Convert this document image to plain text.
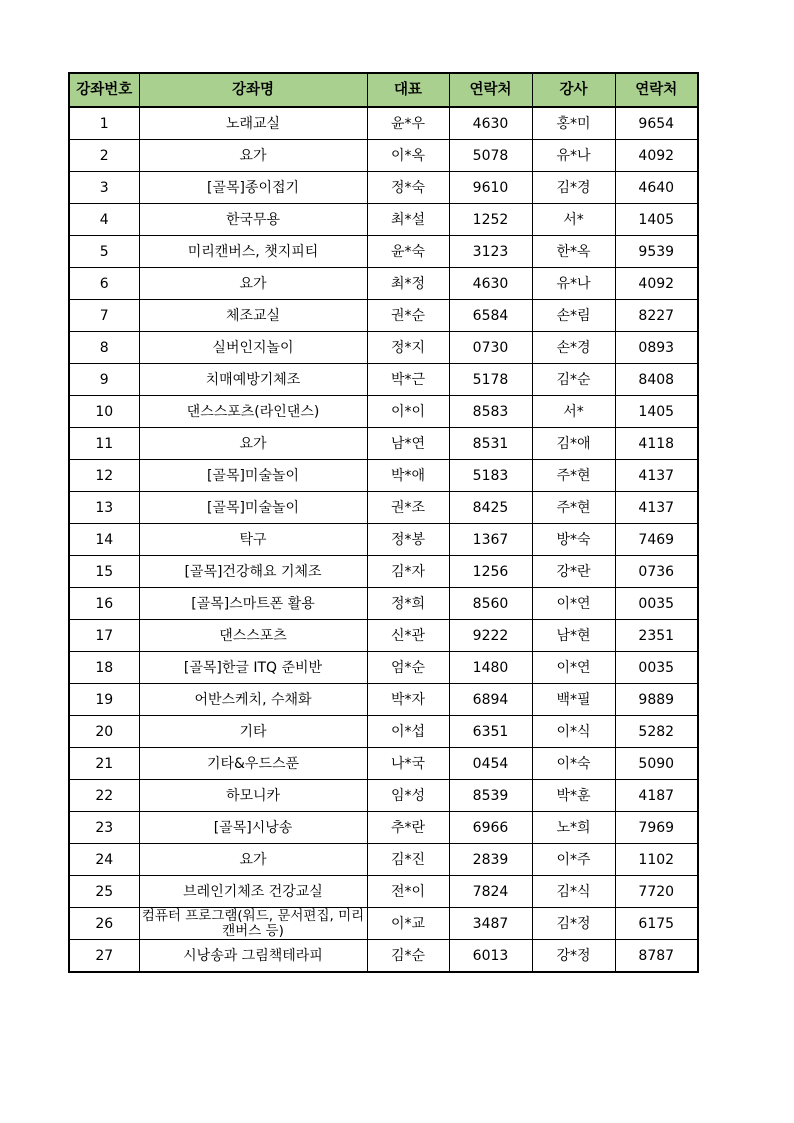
강좌번호	강좌명	대표	연락처	강사	연락처
1	노래교실	윤*우	4630	홍*미	9654
2	요가	이*옥	5078	유*나	4092
3	[골목]종이접기	정*숙	9610	김*경	4640
4	한국무용	최*설	1252	서*	1405
5	미리캔버스, 챗지피티	윤*숙	3123	한*옥	9539
6	요가	최*정	4630	유*나	4092
7	체조교실	권*순	6584	손*림	8227
8	실버인지놀이	정*지	0730	손*경	0893
9	치매예방기체조	박*근	5178	김*순	8408
10	댄스스포츠(라인댄스)	이*이	8583	서*	1405
11	요가	남*연	8531	김*애	4118
12	[골목]미술놀이	박*애	5183	주*현	4137
13	[골목]미술놀이	권*조	8425	주*현	4137
14	탁구	정*봉	1367	방*숙	7469
15	[골목]건강해요 기체조	김*자	1256	강*란	0736
16	[골목]스마트폰 활용	정*희	8560	이*연	0035
17	댄스스포츠	신*관	9222	남*현	2351
18	[골목]한글 ITQ 준비반	엄*순	1480	이*연	0035
19	어반스케치, 수채화	박*자	6894	백*필	9889
20	기타	이*섭	6351	이*식	5282
21	기타&우드스푼	나*국	0454	이*숙	5090
22	하모니카	임*성	8539	박*훈	4187
23	[골목]시낭송	추*란	6966	노*희	7969
24	요가	김*진	2839	이*주	1102
25	브레인기체조 건강교실	전*이	7824	김*식	7720
26	컴퓨터 프로그램(워드, 문서편집, 미리캔버스 등)	이*교	3487	김*정	6175
27	시낭송과 그림책테라피	김*순	6013	강*정	8787
